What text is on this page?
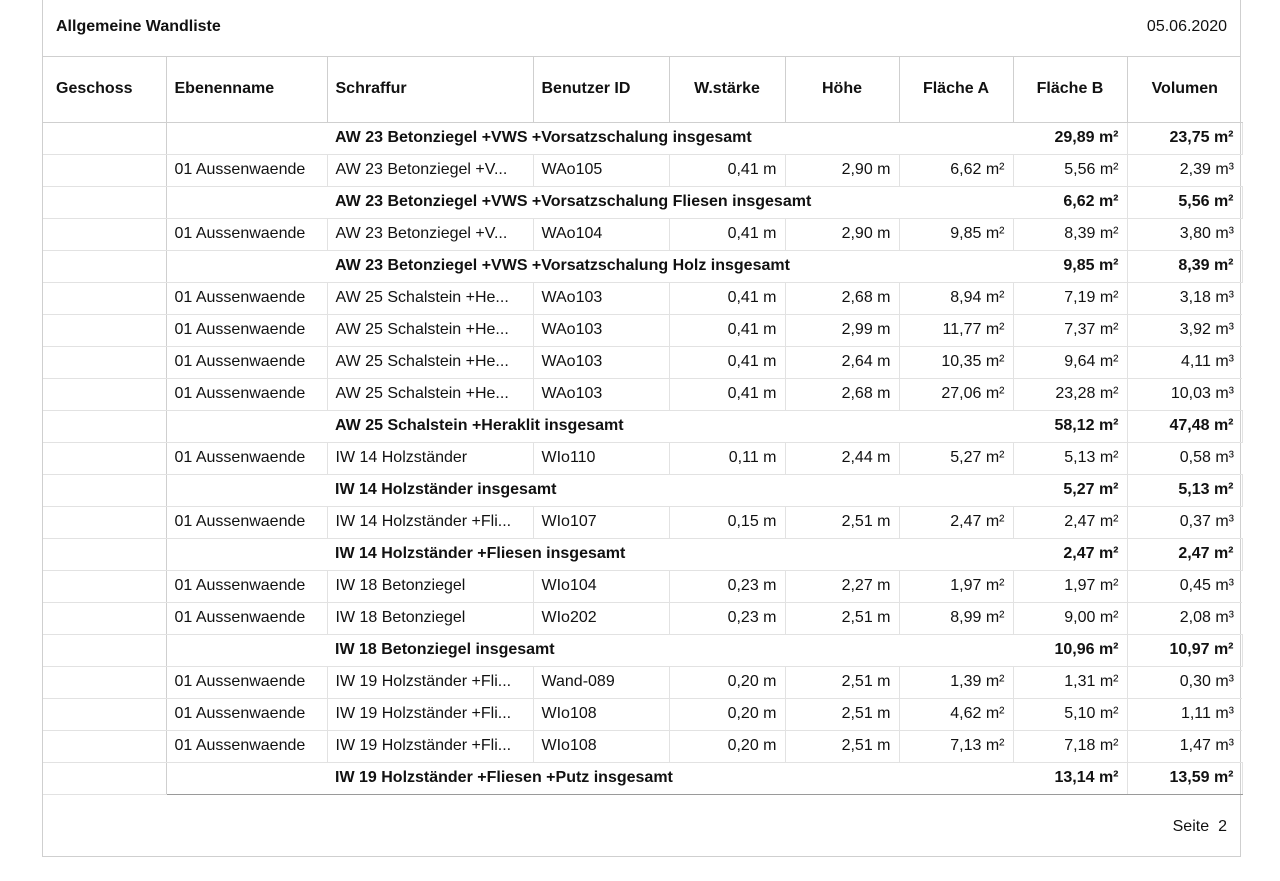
Allgemeine Wandliste	05.06.2020
Geschoss	Ebenenname	Schraffur	Benutzer ID	W.stärke	Höhe	Fläche A	Fläche B	Volumen	
		AW 23 Betonziegel +VWS +Vorsatzschalung insgesamt					29,89 m²	23,75 m²	
	01 Aussenwaende	AW 23 Betonziegel +V...	WAo105	0,41 m	2,90 m	6,62 m²	5,56 m²	2,39 m³	
		AW 23 Betonziegel +VWS +Vorsatzschalung Fliesen insgesamt					6,62 m²	5,56 m²	
	01 Aussenwaende	AW 23 Betonziegel +V...	WAo104	0,41 m	2,90 m	9,85 m²	8,39 m²	3,80 m³	
		AW 23 Betonziegel +VWS +Vorsatzschalung Holz insgesamt					9,85 m²	8,39 m²	
	01 Aussenwaende	AW 25 Schalstein +He...	WAo103	0,41 m	2,68 m	8,94 m²	7,19 m²	3,18 m³	
	01 Aussenwaende	AW 25 Schalstein +He...	WAo103	0,41 m	2,99 m	11,77 m²	7,37 m²	3,92 m³	
	01 Aussenwaende	AW 25 Schalstein +He...	WAo103	0,41 m	2,64 m	10,35 m²	9,64 m²	4,11 m³	
	01 Aussenwaende	AW 25 Schalstein +He...	WAo103	0,41 m	2,68 m	27,06 m²	23,28 m²	10,03 m³	
		AW 25 Schalstein +Heraklit insgesamt					58,12 m²	47,48 m²	
	01 Aussenwaende	IW 14 Holzständer	WIo110	0,11 m	2,44 m	5,27 m²	5,13 m²	0,58 m³	
		IW 14 Holzständer insgesamt					5,27 m²	5,13 m²	
	01 Aussenwaende	IW 14 Holzständer +Fli...	WIo107	0,15 m	2,51 m	2,47 m²	2,47 m²	0,37 m³	
		IW 14 Holzständer +Fliesen insgesamt					2,47 m²	2,47 m²	
	01 Aussenwaende	IW 18 Betonziegel	WIo104	0,23 m	2,27 m	1,97 m²	1,97 m²	0,45 m³	
	01 Aussenwaende	IW 18 Betonziegel	WIo202	0,23 m	2,51 m	8,99 m²	9,00 m²	2,08 m³	
		IW 18 Betonziegel insgesamt					10,96 m²	10,97 m²	
	01 Aussenwaende	IW 19 Holzständer +Fli...	Wand-089	0,20 m	2,51 m	1,39 m²	1,31 m²	0,30 m³	
	01 Aussenwaende	IW 19 Holzständer +Fli...	WIo108	0,20 m	2,51 m	4,62 m²	5,10 m²	1,11 m³	
	01 Aussenwaende	IW 19 Holzständer +Fli...	WIo108	0,20 m	2,51 m	7,13 m²	7,18 m²	1,47 m³	
		IW 19 Holzständer +Fliesen +Putz insgesamt					13,14 m²	13,59 m²	
Seite 2
